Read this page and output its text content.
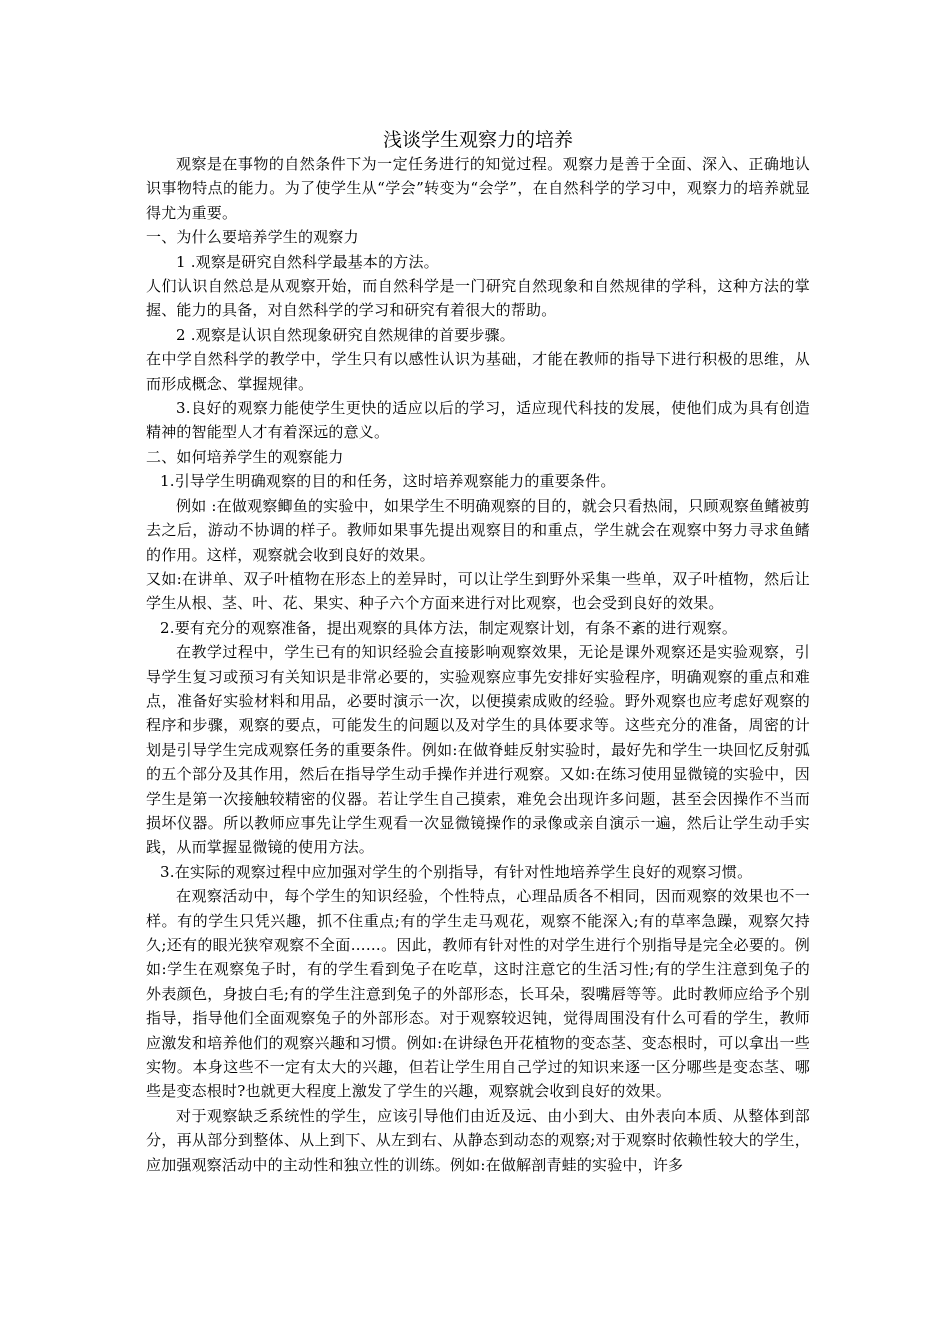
浅谈学生观察力的培养

观察是在事物的自然条件下为一定任务进行的知觉过程。观察力是善于全面、深入、正确地认识事物特点的能力。为了使学生从“学会”转变为“会学”，在自然科学的学习中，观察力的培养就显得尤为重要。

一、为什么要培养学生的观察力

1 .观察是研究自然科学最基本的方法。

人们认识自然总是从观察开始，而自然科学是一门研究自然现象和自然规律的学科，这种方法的掌握、能力的具备，对自然科学的学习和研究有着很大的帮助。

2 .观察是认识自然现象研究自然规律的首要步骤。

在中学自然科学的教学中，学生只有以感性认识为基础，才能在教师的指导下进行积极的思维，从而形成概念、掌握规律。

3.良好的观察力能使学生更快的适应以后的学习，适应现代科技的发展，使他们成为具有创造精神的智能型人才有着深远的意义。

二、如何培养学生的观察能力

1.引导学生明确观察的目的和任务，这时培养观察能力的重要条件。

例如 :在做观察鲫鱼的实验中，如果学生不明确观察的目的，就会只看热闹，只顾观察鱼鳍被剪去之后，游动不协调的样子。教师如果事先提出观察目的和重点，学生就会在观察中努力寻求鱼鳍的作用。这样，观察就会收到良好的效果。

又如:在讲单、双子叶植物在形态上的差异时，可以让学生到野外采集一些单，双子叶植物，然后让学生从根、茎、叶、花、果实、种子六个方面来进行对比观察，也会受到良好的效果。

2.要有充分的观察准备，提出观察的具体方法，制定观察计划，有条不紊的进行观察。

在教学过程中，学生已有的知识经验会直接影响观察效果，无论是课外观察还是实验观察，引导学生复习或预习有关知识是非常必要的，实验观察应事先安排好实验程序，明确观察的重点和难点，准备好实验材料和用品，必要时演示一次，以便摸索成败的经验。野外观察也应考虑好观察的程序和步骤，观察的要点，可能发生的问题以及对学生的具体要求等。这些充分的准备，周密的计划是引导学生完成观察任务的重要条件。例如:在做脊蛙反射实验时，最好先和学生一块回忆反射弧的五个部分及其作用，然后在指导学生动手操作并进行观察。又如:在练习使用显微镜的实验中，因学生是第一次接触较精密的仪器。若让学生自己摸索，难免会出现许多问题，甚至会因操作不当而损坏仪器。所以教师应事先让学生观看一次显微镜操作的录像或亲自演示一遍，然后让学生动手实践，从而掌握显微镜的使用方法。

3.在实际的观察过程中应加强对学生的个别指导，有针对性地培养学生良好的观察习惯。

在观察活动中，每个学生的知识经验，个性特点，心理品质各不相同，因而观察的效果也不一样。有的学生只凭兴趣，抓不住重点;有的学生走马观花，观察不能深入;有的草率急躁，观察欠持久;还有的眼光狭窄观察不全面……。因此，教师有针对性的对学生进行个别指导是完全必要的。例如:学生在观察兔子时，有的学生看到兔子在吃草，这时注意它的生活习性;有的学生注意到兔子的外表颜色，身披白毛;有的学生注意到兔子的外部形态，长耳朵，裂嘴唇等等。此时教师应给予个别指导，指导他们全面观察兔子的外部形态。对于观察较迟钝，觉得周围没有什么可看的学生，教师应激发和培养他们的观察兴趣和习惯。例如:在讲绿色开花植物的变态茎、变态根时，可以拿出一些实物。本身这些不一定有太大的兴趣，但若让学生用自己学过的知识来逐一区分哪些是变态茎、哪些是变态根时?也就更大程度上激发了学生的兴趣，观察就会收到良好的效果。

对于观察缺乏系统性的学生，应该引导他们由近及远、由小到大、由外表向本质、从整体到部分，再从部分到整体、从上到下、从左到右、从静态到动态的观察;对于观察时依赖性较大的学生，应加强观察活动中的主动性和独立性的训练。例如:在做解剖青蛙的实验中，许多
